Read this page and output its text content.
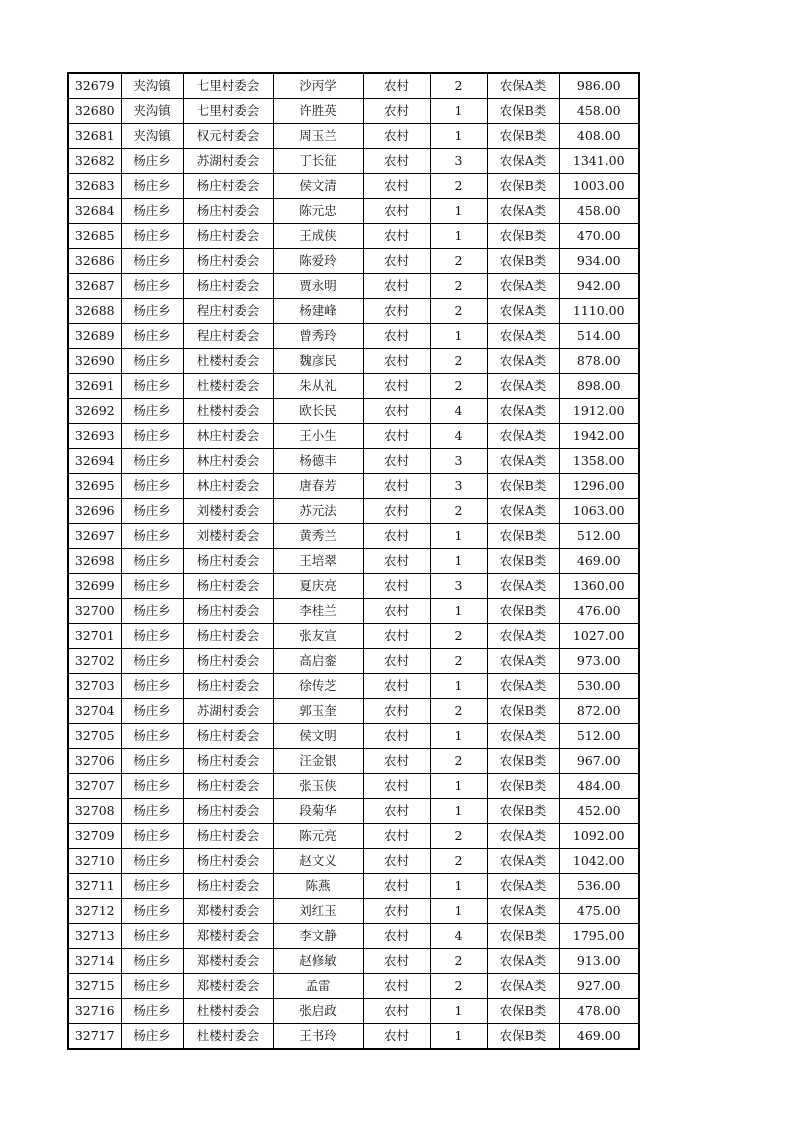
32679	夹沟镇	七里村委会	沙丙学	农村	2	农保A类	986.00
32680	夹沟镇	七里村委会	许胜英	农村	1	农保B类	458.00
32681	夹沟镇	权元村委会	周玉兰	农村	1	农保B类	408.00
32682	杨庄乡	苏湖村委会	丁长征	农村	3	农保A类	1341.00
32683	杨庄乡	杨庄村委会	侯文清	农村	2	农保B类	1003.00
32684	杨庄乡	杨庄村委会	陈元忠	农村	1	农保A类	458.00
32685	杨庄乡	杨庄村委会	王成侠	农村	1	农保B类	470.00
32686	杨庄乡	杨庄村委会	陈爱玲	农村	2	农保B类	934.00
32687	杨庄乡	杨庄村委会	贾永明	农村	2	农保A类	942.00
32688	杨庄乡	程庄村委会	杨建峰	农村	2	农保A类	1110.00
32689	杨庄乡	程庄村委会	曾秀玲	农村	1	农保A类	514.00
32690	杨庄乡	杜楼村委会	魏彦民	农村	2	农保A类	878.00
32691	杨庄乡	杜楼村委会	朱从礼	农村	2	农保A类	898.00
32692	杨庄乡	杜楼村委会	欧长民	农村	4	农保A类	1912.00
32693	杨庄乡	林庄村委会	王小生	农村	4	农保A类	1942.00
32694	杨庄乡	林庄村委会	杨德丰	农村	3	农保A类	1358.00
32695	杨庄乡	林庄村委会	唐春芳	农村	3	农保B类	1296.00
32696	杨庄乡	刘楼村委会	苏元法	农村	2	农保A类	1063.00
32697	杨庄乡	刘楼村委会	黄秀兰	农村	1	农保B类	512.00
32698	杨庄乡	杨庄村委会	王培翠	农村	1	农保B类	469.00
32699	杨庄乡	杨庄村委会	夏庆亮	农村	3	农保A类	1360.00
32700	杨庄乡	杨庄村委会	李桂兰	农村	1	农保B类	476.00
32701	杨庄乡	杨庄村委会	张友宣	农村	2	农保A类	1027.00
32702	杨庄乡	杨庄村委会	高启銮	农村	2	农保A类	973.00
32703	杨庄乡	杨庄村委会	徐传芝	农村	1	农保A类	530.00
32704	杨庄乡	苏湖村委会	郭玉奎	农村	2	农保B类	872.00
32705	杨庄乡	杨庄村委会	侯文明	农村	1	农保A类	512.00
32706	杨庄乡	杨庄村委会	汪金银	农村	2	农保B类	967.00
32707	杨庄乡	杨庄村委会	张玉侠	农村	1	农保B类	484.00
32708	杨庄乡	杨庄村委会	段菊华	农村	1	农保B类	452.00
32709	杨庄乡	杨庄村委会	陈元亮	农村	2	农保A类	1092.00
32710	杨庄乡	杨庄村委会	赵文义	农村	2	农保A类	1042.00
32711	杨庄乡	杨庄村委会	陈燕	农村	1	农保A类	536.00
32712	杨庄乡	郑楼村委会	刘红玉	农村	1	农保A类	475.00
32713	杨庄乡	郑楼村委会	李文静	农村	4	农保B类	1795.00
32714	杨庄乡	郑楼村委会	赵修敏	农村	2	农保A类	913.00
32715	杨庄乡	郑楼村委会	孟雷	农村	2	农保A类	927.00
32716	杨庄乡	杜楼村委会	张启政	农村	1	农保B类	478.00
32717	杨庄乡	杜楼村委会	王书玲	农村	1	农保B类	469.00
